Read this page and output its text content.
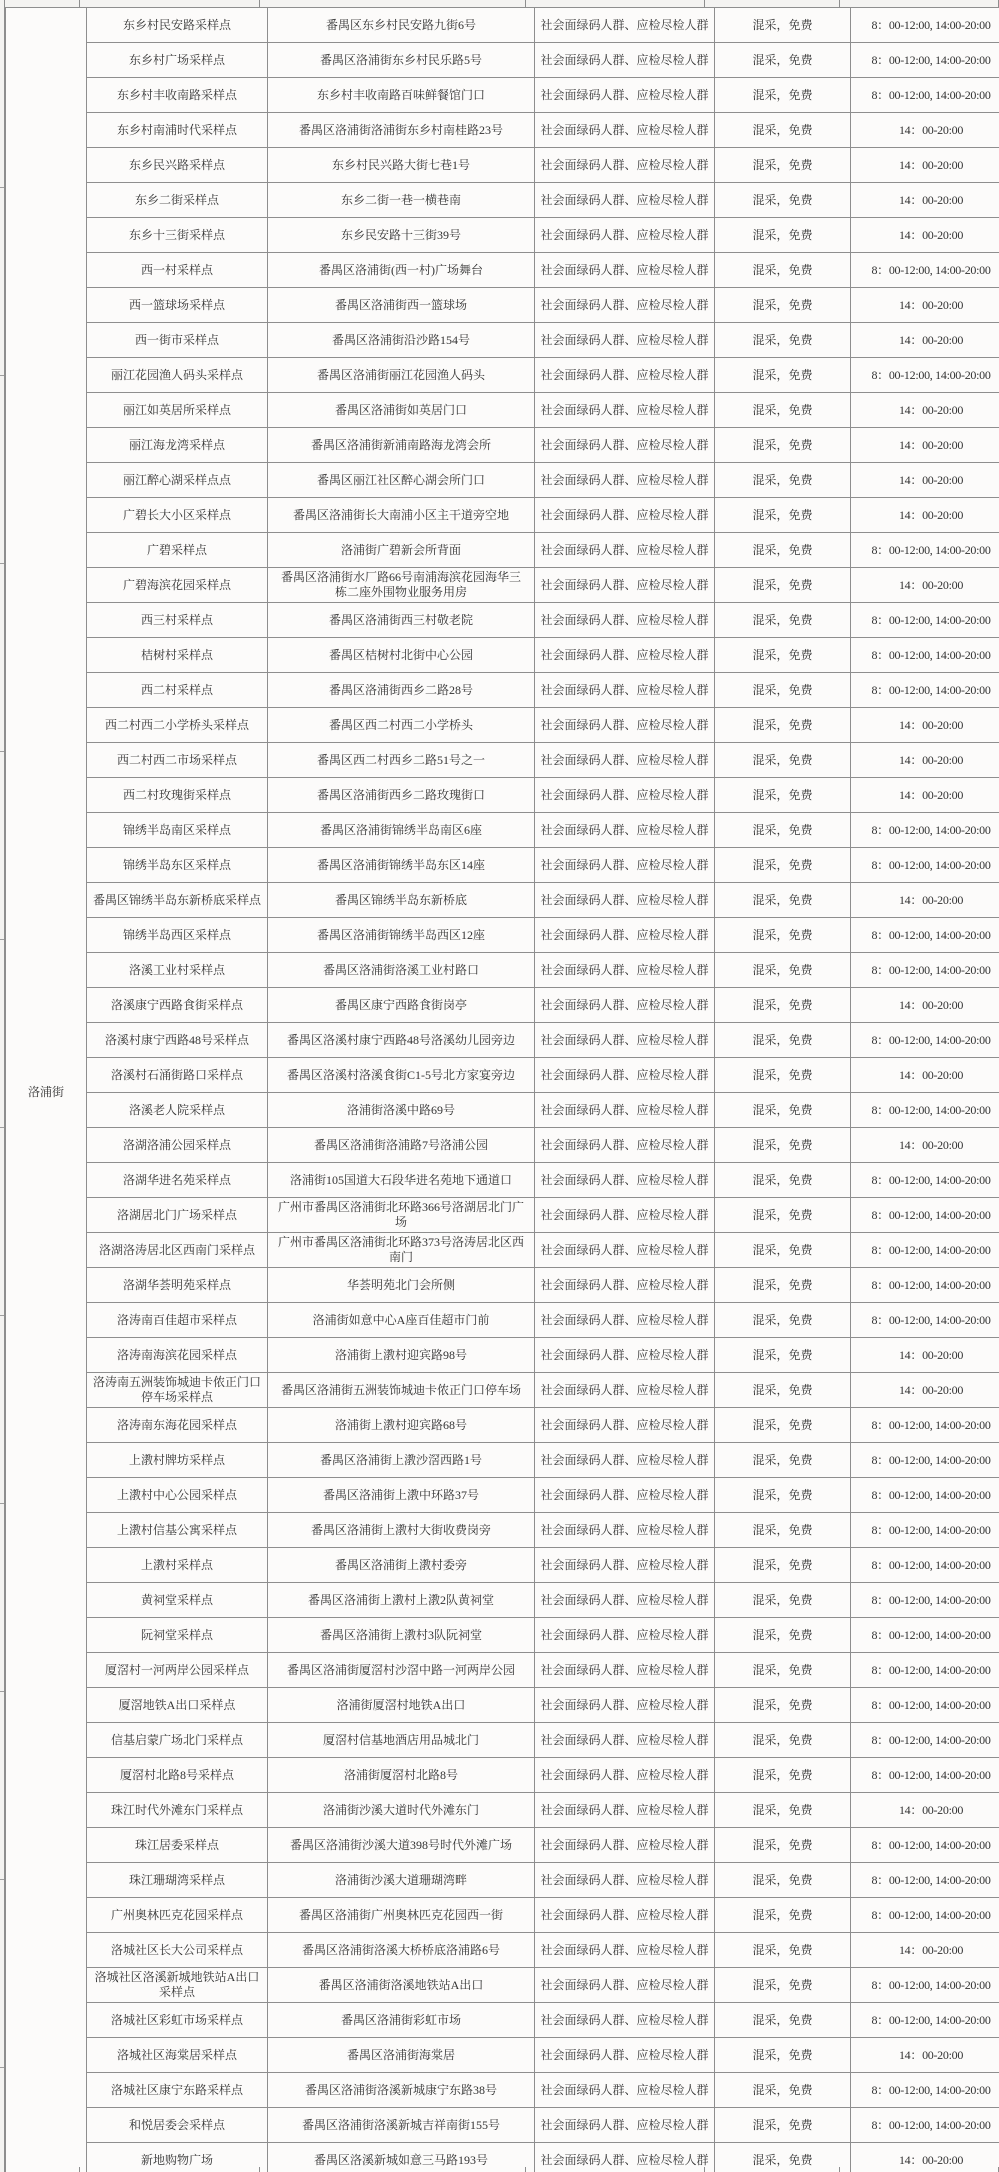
洛浦街	东乡村民安路采样点	番禺区东乡村民安路九街6号	社会面绿码人群、应检尽检人群	混采，免费	8：00-12:00, 14:00-20:00
	东乡村广场采样点	番禺区洛浦街东乡村民乐路5号	社会面绿码人群、应检尽检人群	混采，免费	8：00-12:00, 14:00-20:00
	东乡村丰收南路采样点	东乡村丰收南路百味鲜餐馆门口	社会面绿码人群、应检尽检人群	混采，免费	8：00-12:00, 14:00-20:00
	东乡村南浦时代采样点	番禺区洛浦街洛浦街东乡村南桂路23号	社会面绿码人群、应检尽检人群	混采，免费	14：00-20:00
	东乡民兴路采样点	东乡村民兴路大街七巷1号	社会面绿码人群、应检尽检人群	混采，免费	14：00-20:00
	东乡二街采样点	东乡二街一巷一横巷南	社会面绿码人群、应检尽检人群	混采，免费	14：00-20:00
	东乡十三街采样点	东乡民安路十三街39号	社会面绿码人群、应检尽检人群	混采，免费	14：00-20:00
	西一村采样点	番禺区洛浦街(西一村)广场舞台	社会面绿码人群、应检尽检人群	混采，免费	8：00-12:00, 14:00-20:00
	西一篮球场采样点	番禺区洛浦街西一篮球场	社会面绿码人群、应检尽检人群	混采，免费	14：00-20:00
	西一街市采样点	番禺区洛浦街沿沙路154号	社会面绿码人群、应检尽检人群	混采，免费	14：00-20:00
	丽江花园渔人码头采样点	番禺区洛浦街丽江花园渔人码头	社会面绿码人群、应检尽检人群	混采，免费	8：00-12:00, 14:00-20:00
	丽江如英居所采样点	番禺区洛浦街如英居门口	社会面绿码人群、应检尽检人群	混采，免费	14：00-20:00
	丽江海龙湾采样点	番禺区洛浦街新浦南路海龙湾会所	社会面绿码人群、应检尽检人群	混采，免费	14：00-20:00
	丽江醉心湖采样点点	番禺区丽江社区醉心湖会所门口	社会面绿码人群、应检尽检人群	混采，免费	14：00-20:00
	广碧长大小区采样点	番禺区洛浦街长大南浦小区主干道旁空地	社会面绿码人群、应检尽检人群	混采，免费	14：00-20:00
	广碧采样点	洛浦街广碧新会所背面	社会面绿码人群、应检尽检人群	混采，免费	8：00-12:00, 14:00-20:00
	广碧海滨花园采样点	番禺区洛浦街水厂路66号南浦海滨花园海华三栋二座外围物业服务用房	社会面绿码人群、应检尽检人群	混采，免费	14：00-20:00
	西三村采样点	番禺区洛浦街西三村敬老院	社会面绿码人群、应检尽检人群	混采，免费	8：00-12:00, 14:00-20:00
	桔树村采样点	番禺区桔树村北街中心公园	社会面绿码人群、应检尽检人群	混采，免费	8：00-12:00, 14:00-20:00
	西二村采样点	番禺区洛浦街西乡二路28号	社会面绿码人群、应检尽检人群	混采，免费	8：00-12:00, 14:00-20:00
	西二村西二小学桥头采样点	番禺区西二村西二小学桥头	社会面绿码人群、应检尽检人群	混采，免费	14：00-20:00
	西二村西二市场采样点	番禺区西二村西乡二路51号之一	社会面绿码人群、应检尽检人群	混采，免费	14：00-20:00
	西二村玫瑰街采样点	番禺区洛浦街西乡二路玫瑰街口	社会面绿码人群、应检尽检人群	混采，免费	14：00-20:00
	锦绣半岛南区采样点	番禺区洛浦街锦绣半岛南区6座	社会面绿码人群、应检尽检人群	混采，免费	8：00-12:00, 14:00-20:00
	锦绣半岛东区采样点	番禺区洛浦街锦绣半岛东区14座	社会面绿码人群、应检尽检人群	混采，免费	8：00-12:00, 14:00-20:00
	番禺区锦绣半岛东新桥底采样点	番禺区锦绣半岛东新桥底	社会面绿码人群、应检尽检人群	混采，免费	14：00-20:00
	锦绣半岛西区采样点	番禺区洛浦街锦绣半岛西区12座	社会面绿码人群、应检尽检人群	混采，免费	8：00-12:00, 14:00-20:00
	洛溪工业村采样点	番禺区洛浦街洛溪工业村路口	社会面绿码人群、应检尽检人群	混采，免费	8：00-12:00, 14:00-20:00
	洛溪康宁西路食街采样点	番禺区康宁西路食街岗亭	社会面绿码人群、应检尽检人群	混采，免费	14：00-20:00
	洛溪村康宁西路48号采样点	番禺区洛溪村康宁西路48号洛溪幼儿园旁边	社会面绿码人群、应检尽检人群	混采，免费	8：00-12:00, 14:00-20:00
	洛溪村石涌街路口采样点	番禺区洛溪村洛溪食街C1-5号北方家宴旁边	社会面绿码人群、应检尽检人群	混采，免费	14：00-20:00
	洛溪老人院采样点	洛浦街洛溪中路69号	社会面绿码人群、应检尽检人群	混采，免费	8：00-12:00, 14:00-20:00
	洛湖洛浦公园采样点	番禺区洛浦街洛浦路7号洛浦公园	社会面绿码人群、应检尽检人群	混采，免费	14：00-20:00
	洛湖华进名苑采样点	洛浦街105国道大石段华进名苑地下通道口	社会面绿码人群、应检尽检人群	混采，免费	8：00-12:00, 14:00-20:00
	洛湖居北门广场采样点	广州市番禺区洛浦街北环路366号洛湖居北门广场	社会面绿码人群、应检尽检人群	混采，免费	8：00-12:00, 14:00-20:00
	洛湖洛涛居北区西南门采样点	广州市番禺区洛浦街北环路373号洛涛居北区西南门	社会面绿码人群、应检尽检人群	混采，免费	8：00-12:00, 14:00-20:00
	洛湖华荟明苑采样点	华荟明苑北门会所侧	社会面绿码人群、应检尽检人群	混采，免费	8：00-12:00, 14:00-20:00
	洛涛南百佳超市采样点	洛浦街如意中心A座百佳超市门前	社会面绿码人群、应检尽检人群	混采，免费	8：00-12:00, 14:00-20:00
	洛涛南海滨花园采样点	洛浦街上漖村迎宾路98号	社会面绿码人群、应检尽检人群	混采，免费	14：00-20:00
	洛涛南五洲装饰城迪卡侬正门口停车场采样点	番禺区洛浦街五洲装饰城迪卡侬正门口停车场	社会面绿码人群、应检尽检人群	混采，免费	14：00-20:00
	洛涛南东海花园采样点	洛浦街上漖村迎宾路68号	社会面绿码人群、应检尽检人群	混采，免费	8：00-12:00, 14:00-20:00
	上漖村牌坊采样点	番禺区洛浦街上漖沙滘西路1号	社会面绿码人群、应检尽检人群	混采，免费	8：00-12:00, 14:00-20:00
	上漖村中心公园采样点	番禺区洛浦街上漖中环路37号	社会面绿码人群、应检尽检人群	混采，免费	8：00-12:00, 14:00-20:00
	上漖村信基公寓采样点	番禺区洛浦街上漖村大街收费岗旁	社会面绿码人群、应检尽检人群	混采，免费	8：00-12:00, 14:00-20:00
	上漖村采样点	番禺区洛浦街上漖村委旁	社会面绿码人群、应检尽检人群	混采，免费	8：00-12:00, 14:00-20:00
	黄祠堂采样点	番禺区洛浦街上漖村上漖2队黄祠堂	社会面绿码人群、应检尽检人群	混采，免费	8：00-12:00, 14:00-20:00
	阮祠堂采样点	番禺区洛浦街上漖村3队阮祠堂	社会面绿码人群、应检尽检人群	混采，免费	8：00-12:00, 14:00-20:00
	厦滘村一河两岸公园采样点	番禺区洛浦街厦滘村沙滘中路一河两岸公园	社会面绿码人群、应检尽检人群	混采，免费	8：00-12:00, 14:00-20:00
	厦滘地铁A出口采样点	洛浦街厦滘村地铁A出口	社会面绿码人群、应检尽检人群	混采，免费	8：00-12:00, 14:00-20:00
	信基启蒙广场北门采样点	厦滘村信基地酒店用品城北门	社会面绿码人群、应检尽检人群	混采，免费	8：00-12:00, 14:00-20:00
	厦滘村北路8号采样点	洛浦街厦滘村北路8号	社会面绿码人群、应检尽检人群	混采，免费	8：00-12:00, 14:00-20:00
	珠江时代外滩东门采样点	洛浦街沙溪大道时代外滩东门	社会面绿码人群、应检尽检人群	混采，免费	14：00-20:00
	珠江居委采样点	番禺区洛浦街沙溪大道398号时代外滩广场	社会面绿码人群、应检尽检人群	混采，免费	8：00-12:00, 14:00-20:00
	珠江珊瑚湾采样点	洛浦街沙溪大道珊瑚湾畔	社会面绿码人群、应检尽检人群	混采，免费	8：00-12:00, 14:00-20:00
	广州奥林匹克花园采样点	番禺区洛浦街广州奥林匹克花园西一街	社会面绿码人群、应检尽检人群	混采，免费	8：00-12:00, 14:00-20:00
	洛城社区长大公司采样点	番禺区洛浦街洛溪大桥桥底洛浦路6号	社会面绿码人群、应检尽检人群	混采，免费	14：00-20:00
	洛城社区洛溪新城地铁站A出口采样点	番禺区洛浦街洛溪地铁站A出口	社会面绿码人群、应检尽检人群	混采，免费	8：00-12:00, 14:00-20:00
	洛城社区彩虹市场采样点	番禺区洛浦街彩虹市场	社会面绿码人群、应检尽检人群	混采，免费	8：00-12:00, 14:00-20:00
	洛城社区海棠居采样点	番禺区洛浦街海棠居	社会面绿码人群、应检尽检人群	混采，免费	14：00-20:00
	洛城社区康宁东路采样点	番禺区洛浦街洛溪新城康宁东路38号	社会面绿码人群、应检尽检人群	混采，免费	8：00-12:00, 14:00-20:00
	和悦居委会采样点	番禺区洛浦街洛溪新城吉祥南街155号	社会面绿码人群、应检尽检人群	混采，免费	8：00-12:00, 14:00-20:00
	新地购物广场	番禺区洛溪新城如意三马路193号	社会面绿码人群、应检尽检人群	混采，免费	14：00-20:00
